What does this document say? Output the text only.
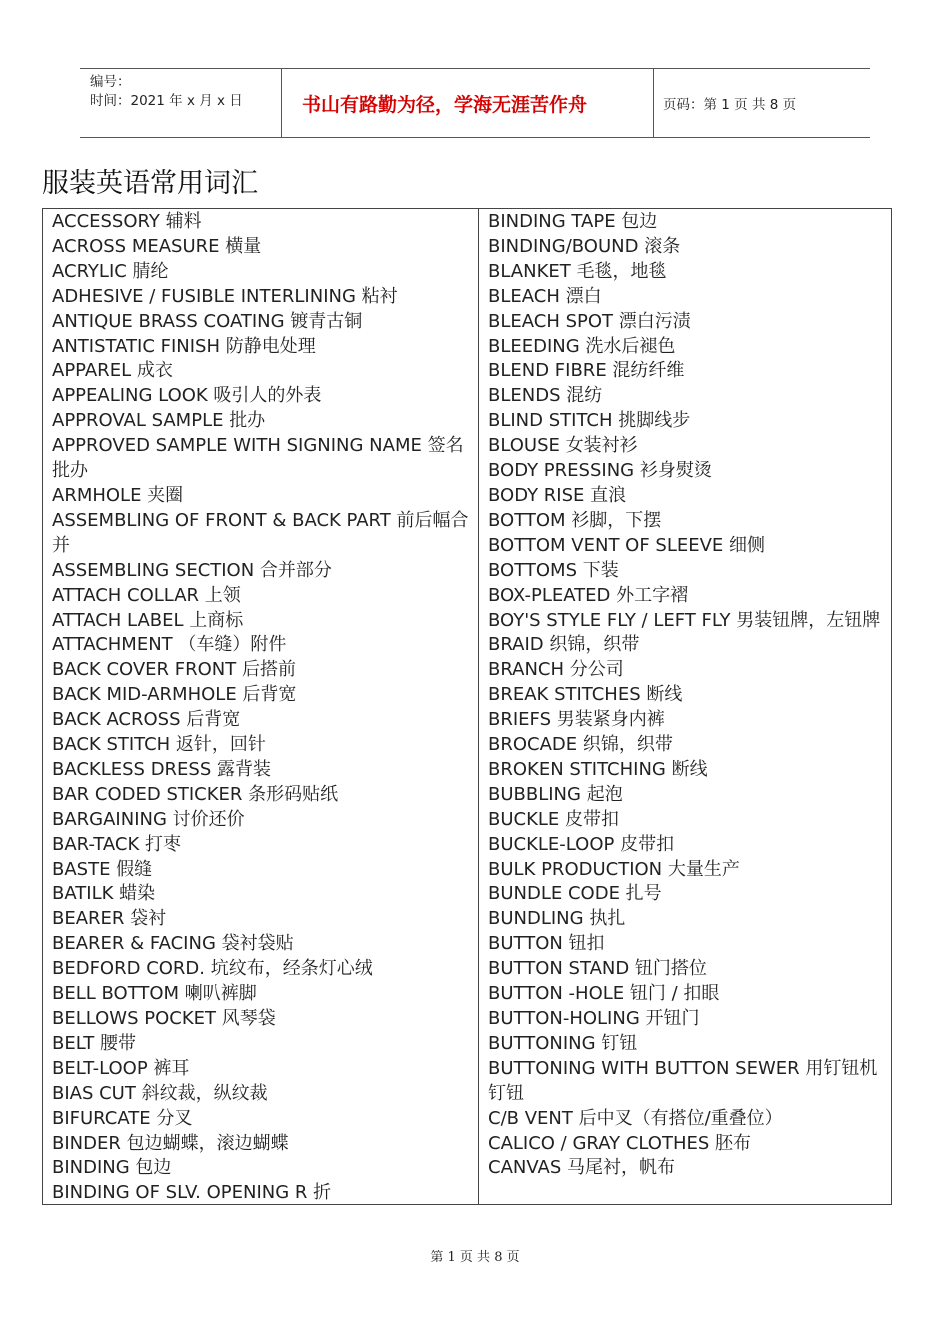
编号：
时间：2021 年 x 月 x 日	书山有路勤为径，学海无涯苦作舟	页码：第 1 页 共 8 页
服装英语常用词汇
ACCESSORY 辅料
ACROSS MEASURE 横量
ACRYLIC 腈纶
ADHESIVE / FUSIBLE INTERLINING 粘衬
ANTIQUE BRASS COATING 镀青古铜
ANTISTATIC FINISH 防静电处理
APPAREL 成衣
APPEALING LOOK 吸引人的外表
APPROVAL SAMPLE 批办
APPROVED SAMPLE WITH SIGNING NAME 签名批办
ARMHOLE 夹圈
ASSEMBLING OF FRONT & BACK PART 前后幅合并
ASSEMBLING SECTION 合并部分
ATTACH COLLAR 上领
ATTACH LABEL 上商标
ATTACHMENT （车缝）附件
BACK COVER FRONT 后搭前
BACK MID-ARMHOLE 后背宽
BACK ACROSS 后背宽
BACK STITCH 返针，回针
BACKLESS DRESS 露背装
BAR CODED STICKER 条形码贴纸
BARGAINING 讨价还价
BAR-TACK 打枣
BASTE 假缝
BATILK 蜡染
BEARER 袋衬
BEARER & FACING 袋衬袋贴
BEDFORD CORD. 坑纹布，经条灯心绒
BELL BOTTOM 喇叭裤脚
BELLOWS POCKET 风琴袋
BELT 腰带
BELT-LOOP 裤耳
BIAS CUT 斜纹裁，纵纹裁
BIFURCATE 分叉
BINDER 包边蝴蝶，滚边蝴蝶
BINDING 包边
BINDING OF SLV. OPENING R 折
BINDING TAPE 包边
BINDING/BOUND 滚条
BLANKET 毛毯，地毯
BLEACH 漂白
BLEACH SPOT 漂白污渍
BLEEDING 洗水后褪色
BLEND FIBRE 混纺纤维
BLENDS 混纺
BLIND STITCH 挑脚线步
BLOUSE 女装衬衫
BODY PRESSING 衫身熨烫
BODY RISE 直浪
BOTTOM 衫脚，下摆
BOTTOM VENT OF SLEEVE 细侧
BOTTOMS 下装
BOX-PLEATED 外工字褶
BOY'S STYLE FLY / LEFT FLY 男装钮牌，左钮牌
BRAID 织锦，织带
BRANCH 分公司
BREAK STITCHES 断线
BRIEFS 男装紧身内裤
BROCADE 织锦，织带
BROKEN STITCHING 断线
BUBBLING 起泡
BUCKLE 皮带扣
BUCKLE-LOOP 皮带扣
BULK PRODUCTION 大量生产
BUNDLE CODE 扎号
BUNDLING 执扎
BUTTON 钮扣
BUTTON STAND 钮门搭位
BUTTON -HOLE 钮门 / 扣眼
BUTTON-HOLING 开钮门
BUTTONING 钉钮
BUTTONING WITH BUTTON SEWER 用钉钮机钉钮
C/B VENT 后中叉（有搭位/重叠位）
CALICO / GRAY CLOTHES 胚布
CANVAS 马尾衬，帆布
第 1 页 共 8 页
